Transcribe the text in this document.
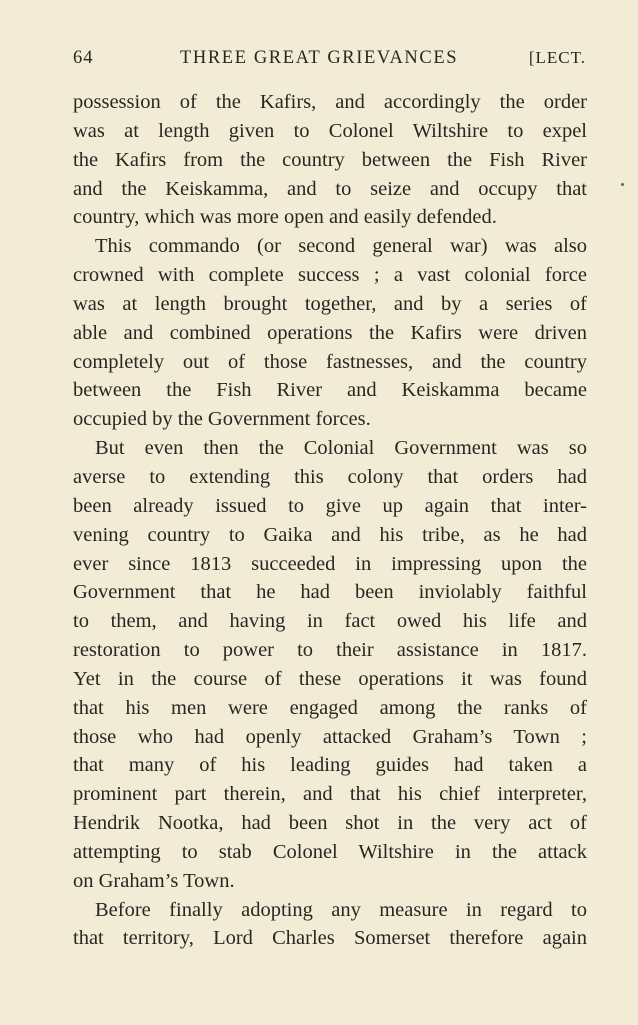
64	THREE GREAT GRIEVANCES	[LECT.
possession of the Kafirs, and accordingly the order
was at length given to Colonel Wiltshire to expel
the Kafirs from the country between the Fish River
and the Keiskamma, and to seize and occupy that
country, which was more open and easily defended.
This commando (or second general war) was also
crowned with complete success ; a vast colonial force
was at length brought together, and by a series of
able and combined operations the Kafirs were driven
completely out of those fastnesses, and the country
between the Fish River and Keiskamma became
occupied by the Government forces.
But even then the Colonial Government was so
averse to extending this colony that orders had
been already issued to give up again that inter-
vening country to Gaika and his tribe, as he had
ever since 1813 succeeded in impressing upon the
Government that he had been inviolably faithful
to them, and having in fact owed his life and
restoration to power to their assistance in 1817.
Yet in the course of these operations it was found
that his men were engaged among the ranks of
those who had openly attacked Graham’s Town ;
that many of his leading guides had taken a
prominent part therein, and that his chief interpreter,
Hendrik Nootka, had been shot in the very act of
attempting to stab Colonel Wiltshire in the attack
on Graham’s Town.
Before finally adopting any measure in regard to
that territory, Lord Charles Somerset therefore again
